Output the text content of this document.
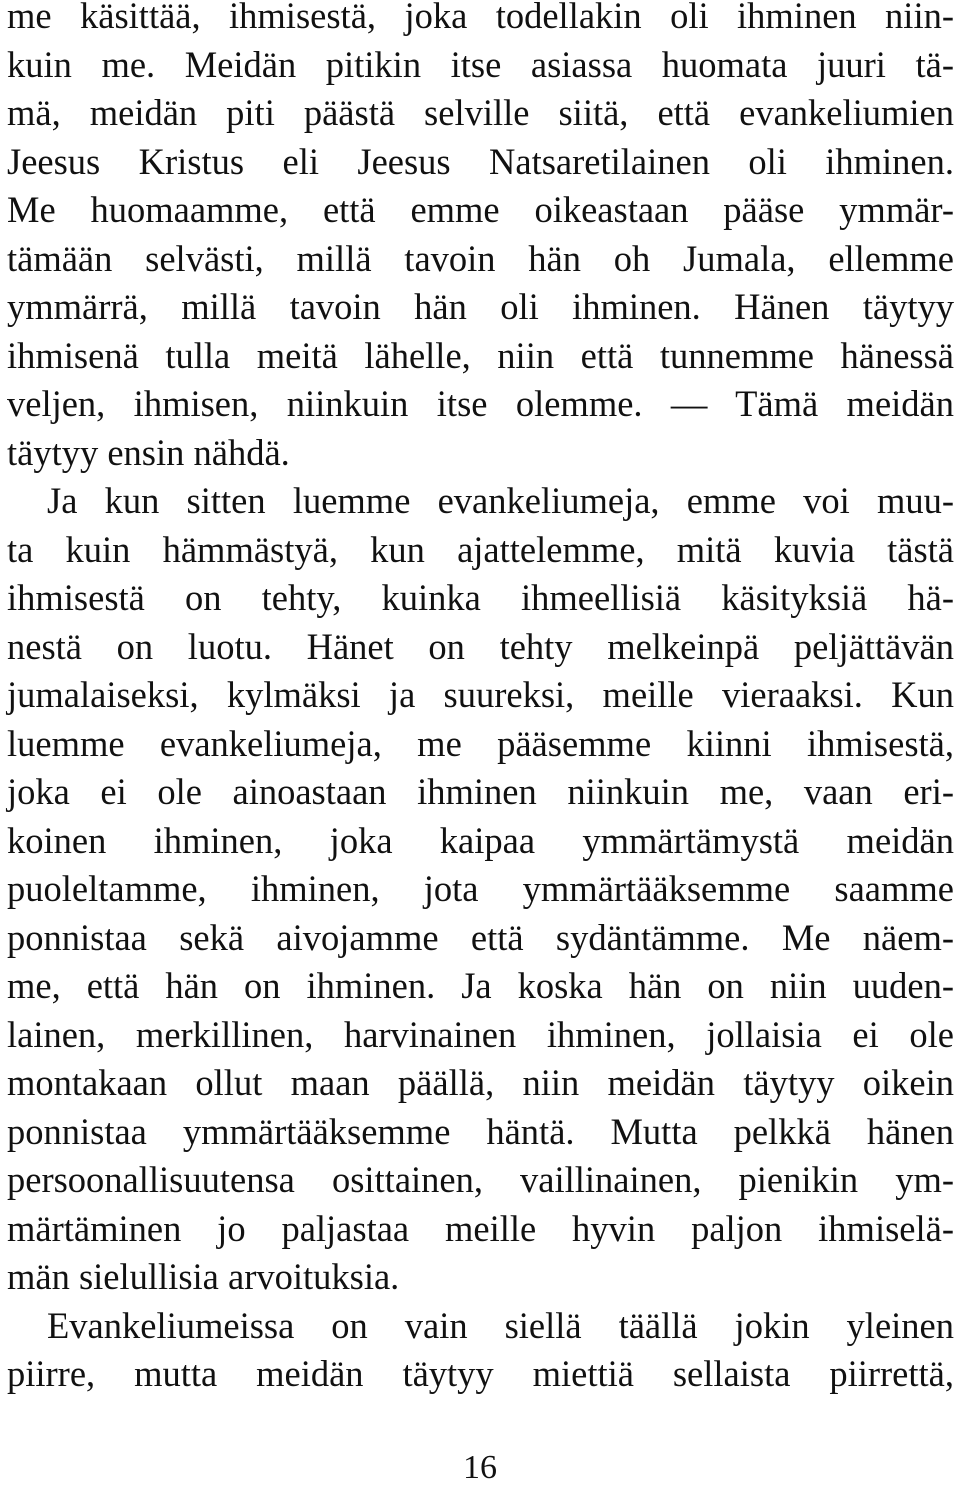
me käsittää, ihmisestä, joka todellakin oli ihminen niin-
kuin me. Meidän pitikin itse asiassa huomata juuri tä-
mä, meidän piti päästä selville siitä, että evankeliumien
Jeesus Kristus eli Jeesus Natsaretilainen oli ihminen.
Me huomaamme, että emme oikeastaan pääse ymmär-
tämään selvästi, millä tavoin hän oh Jumala, ellemme
ymmärrä, millä tavoin hän oli ihminen. Hänen täytyy
ihmisenä tulla meitä lähelle, niin että tunnemme hänessä
veljen, ihmisen, niinkuin itse olemme. — Tämä meidän
täytyy ensin nähdä.
Ja kun sitten luemme evankeliumeja, emme voi muu-
ta kuin hämmästyä, kun ajattelemme, mitä kuvia tästä
ihmisestä on tehty, kuinka ihmeellisiä käsityksiä hä-
nestä on luotu. Hänet on tehty melkeinpä peljättävän
jumalaiseksi, kylmäksi ja suureksi, meille vieraaksi. Kun
luemme evankeliumeja, me pääsemme kiinni ihmisestä,
joka ei ole ainoastaan ihminen niinkuin me, vaan eri-
koinen ihminen, joka kaipaa ymmärtämystä meidän
puoleltamme, ihminen, jota ymmärtääksemme saamme
ponnistaa sekä aivojamme että sydäntämme. Me näem-
me, että hän on ihminen. Ja koska hän on niin uuden-
lainen, merkillinen, harvinainen ihminen, jollaisia ei ole
montakaan ollut maan päällä, niin meidän täytyy oikein
ponnistaa ymmärtääksemme häntä. Mutta pelkkä hänen
persoonallisuutensa osittainen, vaillinainen, pienikin ym-
märtäminen jo paljastaa meille hyvin paljon ihmiselä-
män sielullisia arvoituksia.
Evankeliumeissa on vain siellä täällä jokin yleinen
piirre, mutta meidän täytyy miettiä sellaista piirrettä,
16
